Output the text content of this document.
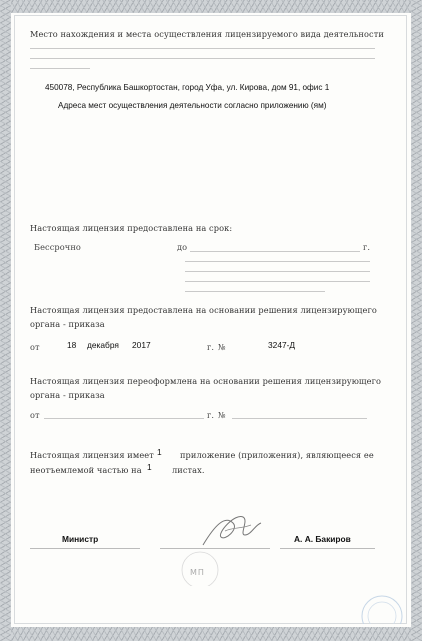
Место нахождения и места осуществления лицензируемого вида деятельности
450078, Республика Башкортостан, город Уфа, ул. Кирова, дом 91, офис 1
Адреса мест осуществления деятельности согласно приложению (ям)
Настоящая лицензия предоставлена на срок:
Бессрочно	до	г.
Настоящая лицензия предоставлена на основании решения лицензирующего
органа - приказа
от	18 декабря 2017	г. №	3247-Д
Настоящая лицензия переоформлена на основании решения лицензирующего
органа - приказа
от	г. №
Настоящая лицензия имеет 1 приложение (приложения), являющееся ее
неотъемлемой частью на 1 листах.
Министр	А. А. Бакиров
МП
